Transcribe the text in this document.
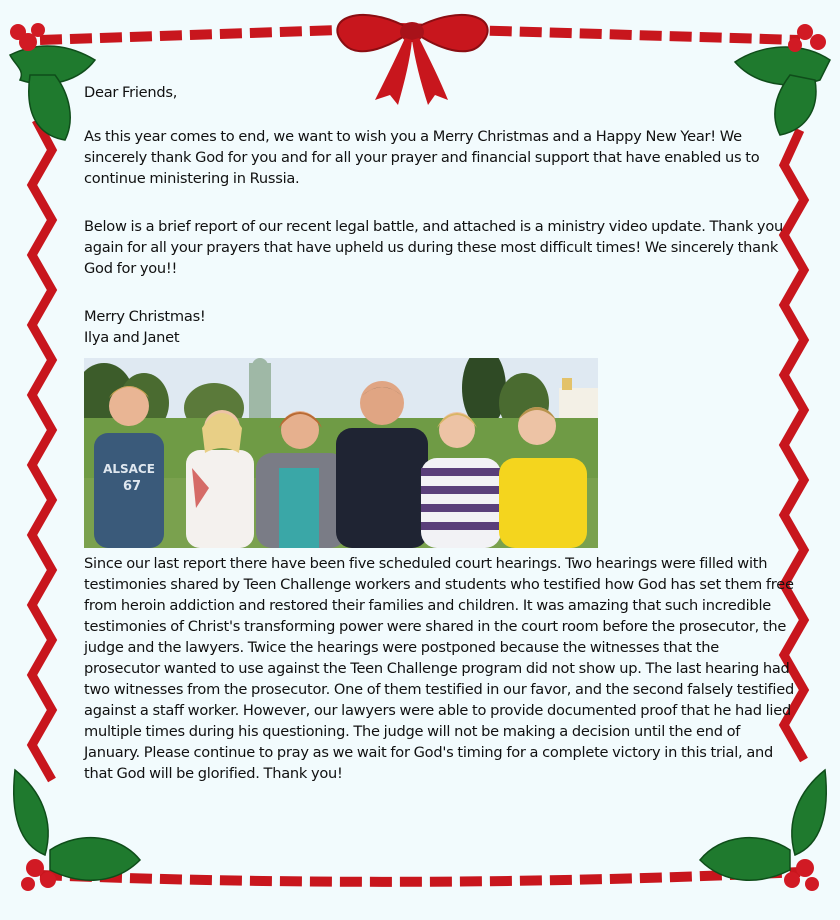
Dear Friends,

As this year comes to end, we want to wish you a Merry Christmas and a Happy New Year! We sincerely thank God for you and for all your prayer and financial support that have enabled us to continue ministering in Russia.

Below is a brief report of our recent legal battle, and attached is a ministry video update. Thank you again for all your prayers that have upheld us during these most difficult times! We sincerely thank God for you!!

Merry Christmas!

Ilya and Janet

ALSACE
67

Since our last report there have been five scheduled court hearings. Two hearings were filled with testimonies shared by Teen Challenge workers and students who testified how God has set them free from heroin addiction and restored their families and children. It was amazing that such incredible testimonies of Christ's transforming power were shared in the court room before the prosecutor, the judge and the lawyers. Twice the hearings were postponed because the witnesses that the prosecutor wanted to use against the Teen Challenge program did not show up. The last hearing had two witnesses from the prosecutor. One of them testified in our favor, and the second falsely testified against a staff worker. However, our lawyers were able to provide documented proof that he had lied multiple times during his questioning. The judge will not be making a decision until the end of January. Please continue to pray as we wait for God's timing for a complete victory in this trial, and that God will be glorified. Thank you!
